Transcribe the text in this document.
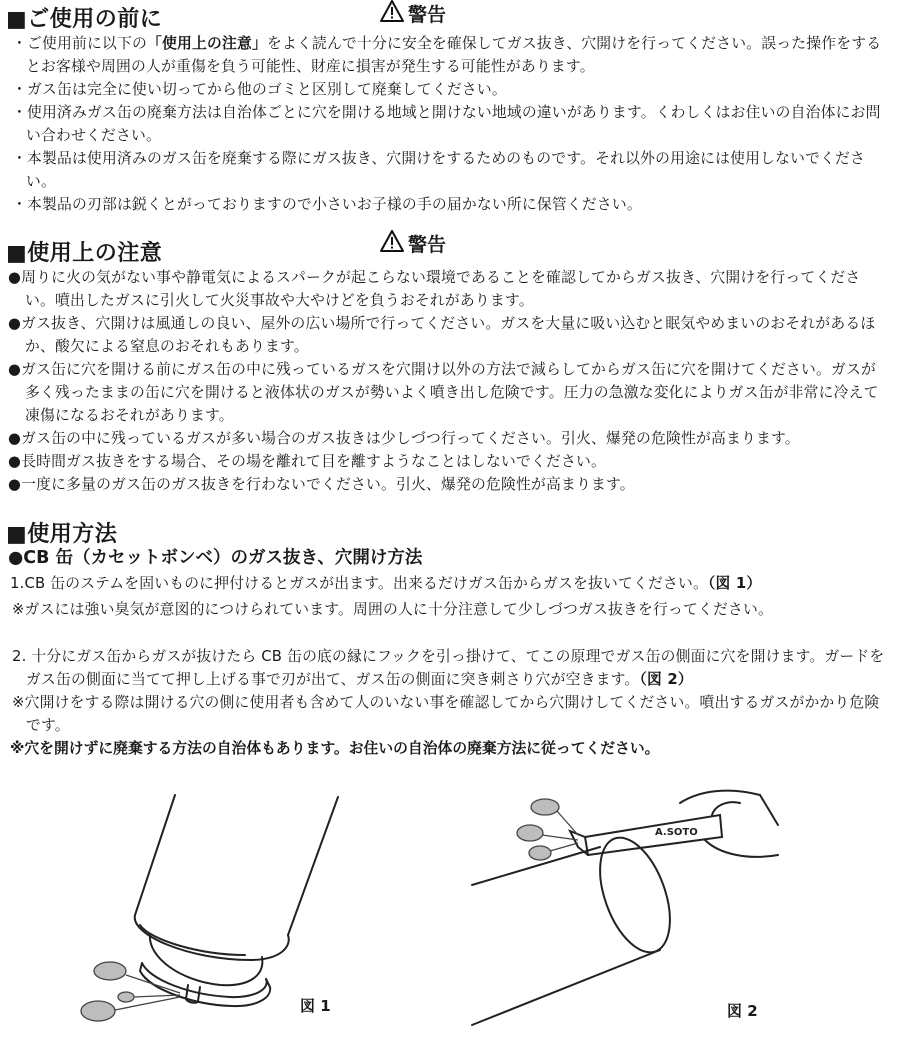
■ご使用の前に	警告
・ご使用前に以下の「使用上の注意」をよく読んで十分に安全を確保してガス抜き、穴開けを行ってください。誤った操作をするとお客様や周囲の人が重傷を負う可能性、財産に損害が発生する可能性があります。
・ガス缶は完全に使い切ってから他のゴミと区別して廃棄してください。
・使用済みガス缶の廃棄方法は自治体ごとに穴を開ける地域と開けない地域の違いがあります。くわしくはお住いの自治体にお問い合わせください。
・本製品は使用済みのガス缶を廃棄する際にガス抜き、穴開けをするためのものです。それ以外の用途には使用しないでください。
・本製品の刃部は鋭くとがっておりますので小さいお子様の手の届かない所に保管ください。
■使用上の注意	警告
●周りに火の気がない事や静電気によるスパークが起こらない環境であることを確認してからガス抜き、穴開けを行ってください。噴出したガスに引火して火災事故や大やけどを負うおそれがあります。
●ガス抜き、穴開けは風通しの良い、屋外の広い場所で行ってください。ガスを大量に吸い込むと眠気やめまいのおそれがあるほか、酸欠による窒息のおそれもあります。
●ガス缶に穴を開ける前にガス缶の中に残っているガスを穴開け以外の方法で減らしてからガス缶に穴を開けてください。ガスが多く残ったままの缶に穴を開けると液体状のガスが勢いよく噴き出し危険です。圧力の急激な変化によりガス缶が非常に冷えて凍傷になるおそれがあります。
●ガス缶の中に残っているガスが多い場合のガス抜きは少しづつ行ってください。引火、爆発の危険性が高まります。
●長時間ガス抜きをする場合、その場を離れて目を離すようなことはしないでください。
●一度に多量のガス缶のガス抜きを行わないでください。引火、爆発の危険性が高まります。
■使用方法
●CB 缶（カセットボンベ）のガス抜き、穴開け方法
1.CB 缶のステムを固いものに押付けるとガスが出ます。出来るだけガス缶からガスを抜いてください。（図 1）
※ガスには強い臭気が意図的につけられています。周囲の人に十分注意して少しづつガス抜きを行ってください。
2. 十分にガス缶からガスが抜けたら CB 缶の底の縁にフックを引っ掛けて、てこの原理でガス缶の側面に穴を開けます。ガードをガス缶の側面に当てて押し上げる事で刃が出て、ガス缶の側面に突き刺さり穴が空きます。（図 2）
※穴開けをする際は開ける穴の側に使用者も含めて人のいない事を確認してから穴開けしてください。噴出するガスがかかり危険です。
※穴を開けずに廃棄する方法の自治体もあります。お住いの自治体の廃棄方法に従ってください。
図 1
A.SOTO
図 2
